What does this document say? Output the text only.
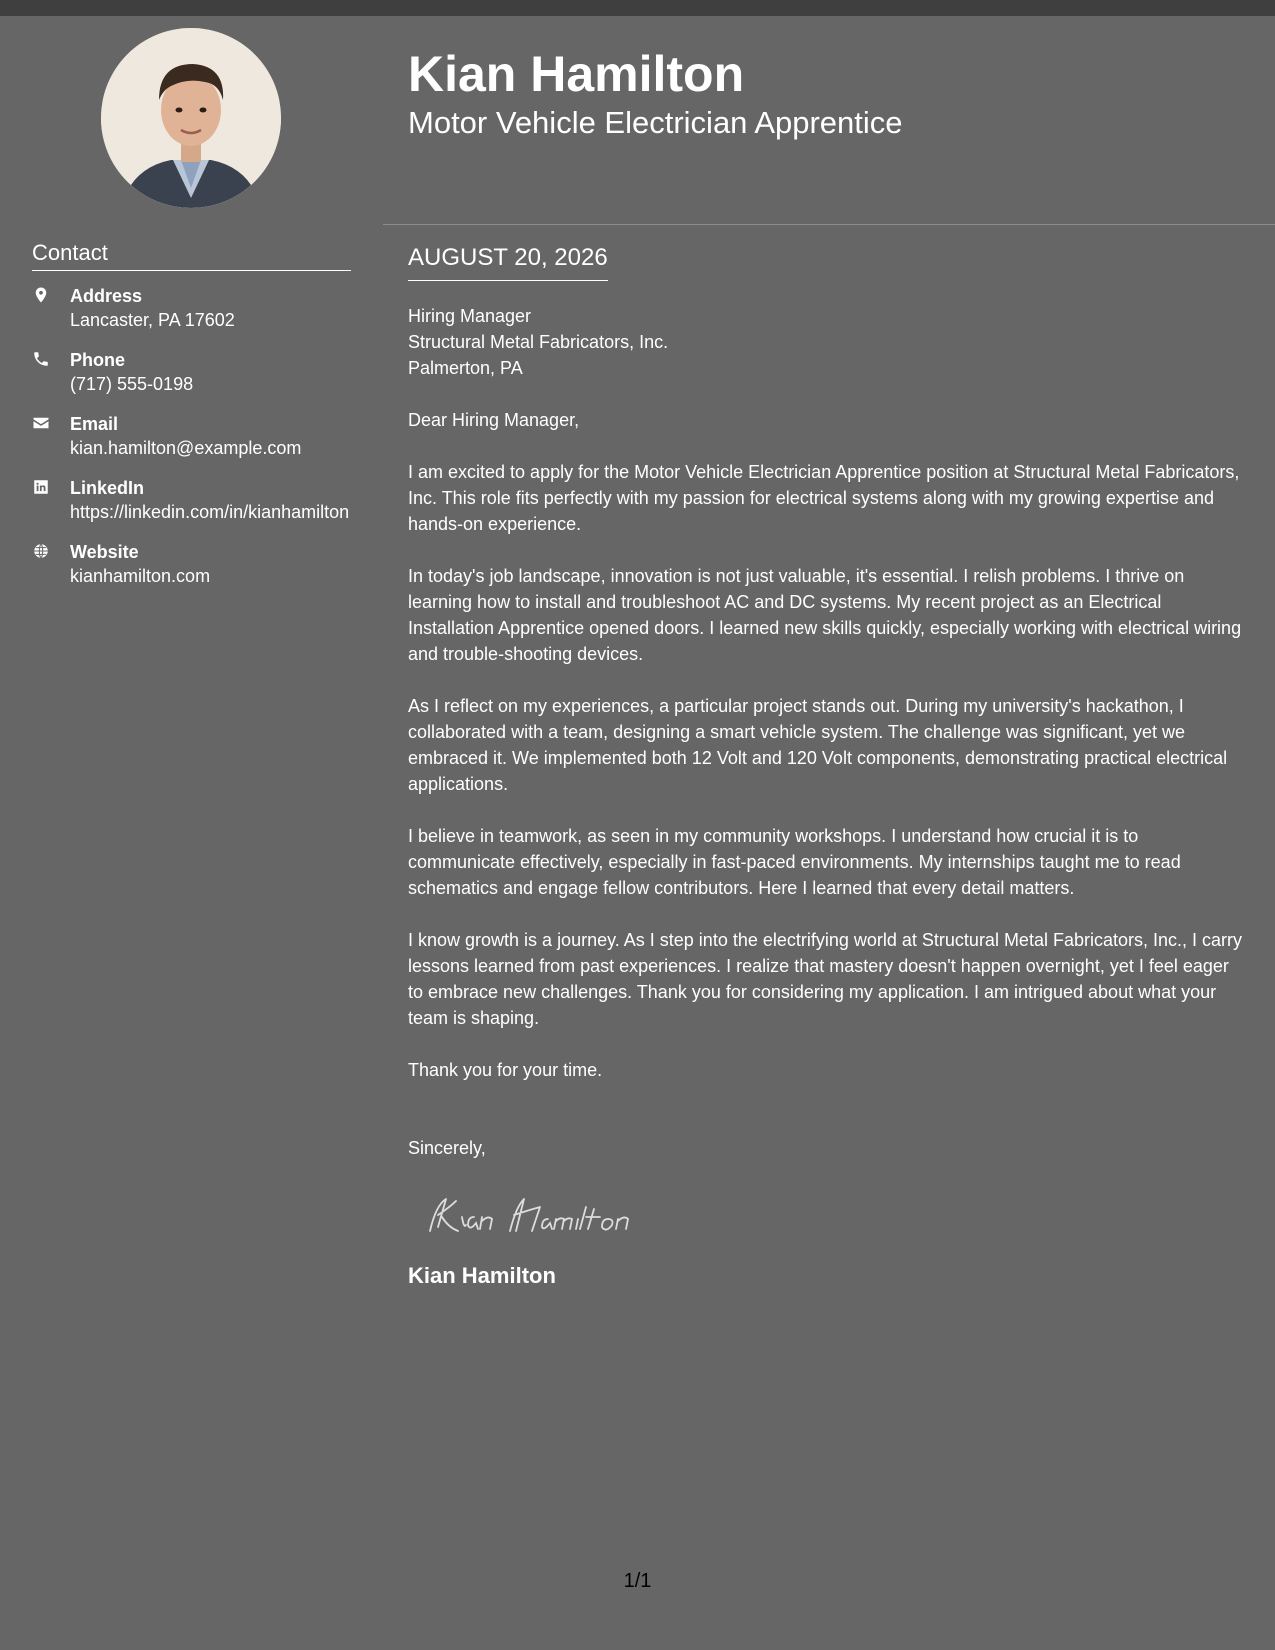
Contact
Address
Lancaster, PA 17602
Phone
(717) 555-0198
Email
kian.hamilton@example.com
LinkedIn
https://linkedin.com/in/kianhamilton
Website
kianhamilton.com
Kian Hamilton
Motor Vehicle Electrician Apprentice
AUGUST 20, 2026
Hiring Manager
Structural Metal Fabricators, Inc.
Palmerton, PA

Dear Hiring Manager,

I am excited to apply for the Motor Vehicle Electrician Apprentice position at Structural Metal Fabricators, Inc. This role fits perfectly with my passion for electrical systems along with my growing expertise and hands-on experience.

In today's job landscape, innovation is not just valuable, it's essential. I relish problems. I thrive on learning how to install and troubleshoot AC and DC systems. My recent project as an Electrical Installation Apprentice opened doors. I learned new skills quickly, especially working with electrical wiring and trouble-shooting devices.

As I reflect on my experiences, a particular project stands out. During my university's hackathon, I collaborated with a team, designing a smart vehicle system. The challenge was significant, yet we embraced it. We implemented both 12 Volt and 120 Volt components, demonstrating practical electrical applications.

I believe in teamwork, as seen in my community workshops. I understand how crucial it is to communicate effectively, especially in fast-paced environments. My internships taught me to read schematics and engage fellow contributors. Here I learned that every detail matters.

I know growth is a journey. As I step into the electrifying world at Structural Metal Fabricators, Inc., I carry lessons learned from past experiences. I realize that mastery doesn't happen overnight, yet I feel eager to embrace new challenges. Thank you for considering my application. I am intrigued about what your team is shaping.

Thank you for your time.

Sincerely,

Kian Hamilton
1/1
